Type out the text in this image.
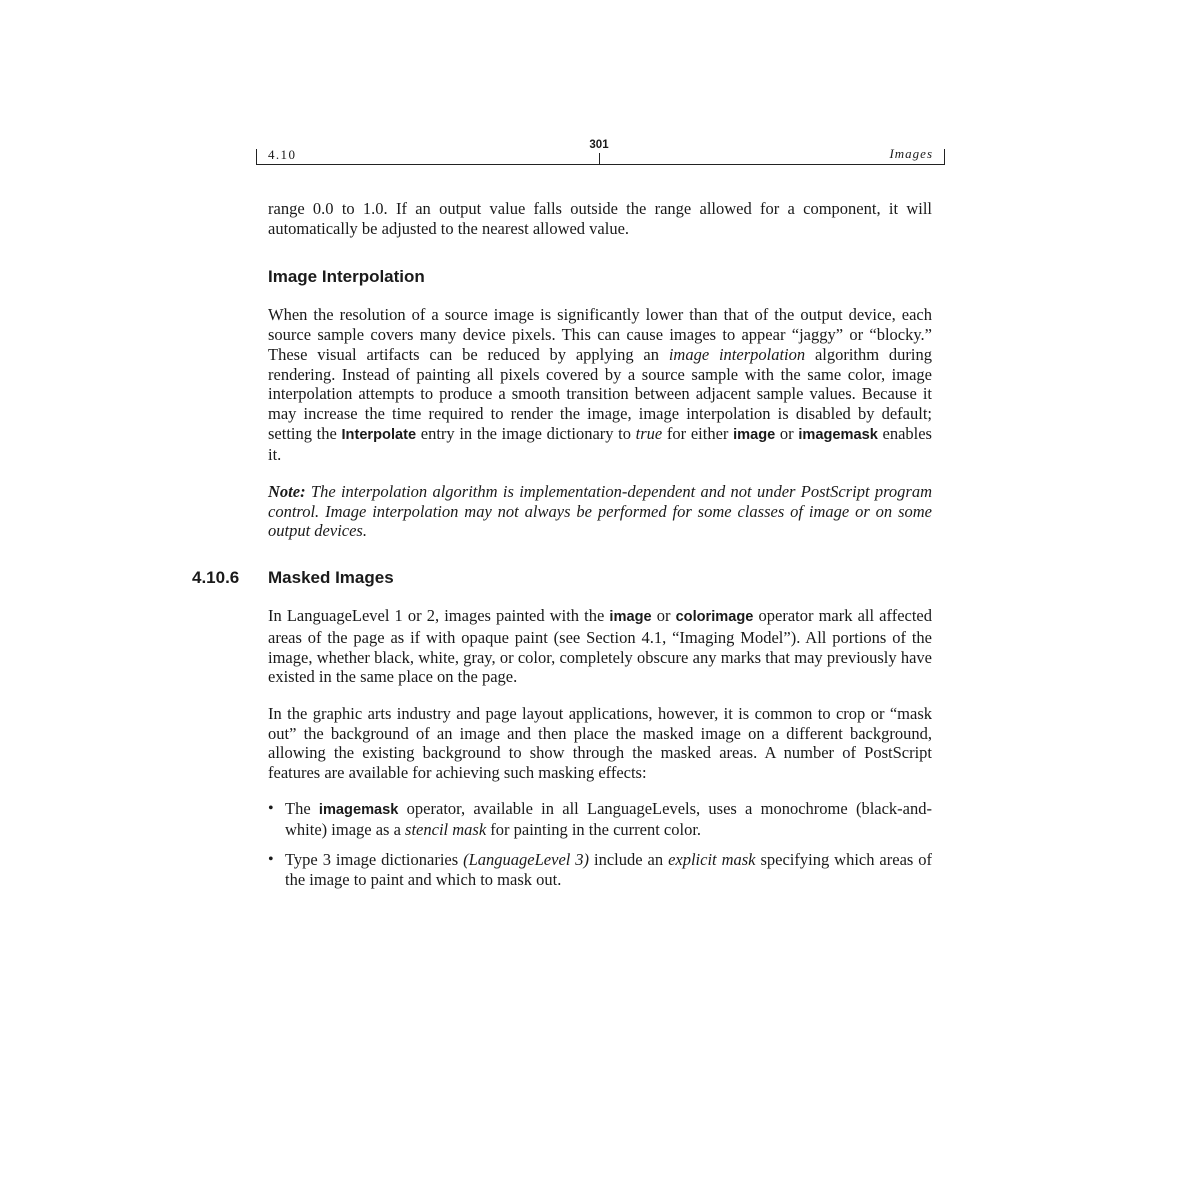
4.10
301
Images

range 0.0 to 1.0. If an output value falls outside the range allowed for a component, it will automatically be adjusted to the nearest allowed value.

Image Interpolation

When the resolution of a source image is significantly lower than that of the output device, each source sample covers many device pixels. This can cause images to appear “jaggy” or “blocky.” These visual artifacts can be reduced by applying an image interpolation algorithm during rendering. Instead of painting all pixels covered by a source sample with the same color, image interpolation attempts to produce a smooth transition between adjacent sample values. Because it may increase the time required to render the image, image interpolation is disabled by default; setting the Interpolate entry in the image dictionary to true for either image or imagemask enables it.

Note: The interpolation algorithm is implementation-dependent and not under PostScript program control. Image interpolation may not always be performed for some classes of image or on some output devices.

4.10.6 Masked Images

In LanguageLevel 1 or 2, images painted with the image or colorimage operator mark all affected areas of the page as if with opaque paint (see Section 4.1, “Imaging Model”). All portions of the image, whether black, white, gray, or color, completely obscure any marks that may previously have existed in the same place on the page.

In the graphic arts industry and page layout applications, however, it is common to crop or “mask out” the background of an image and then place the masked image on a different background, allowing the existing background to show through the masked areas. A number of PostScript features are available for achieving such masking effects:

• The imagemask operator, available in all LanguageLevels, uses a monochrome (black-and-white) image as a stencil mask for painting in the current color.
• Type 3 image dictionaries (LanguageLevel 3) include an explicit mask specifying which areas of the image to paint and which to mask out.
